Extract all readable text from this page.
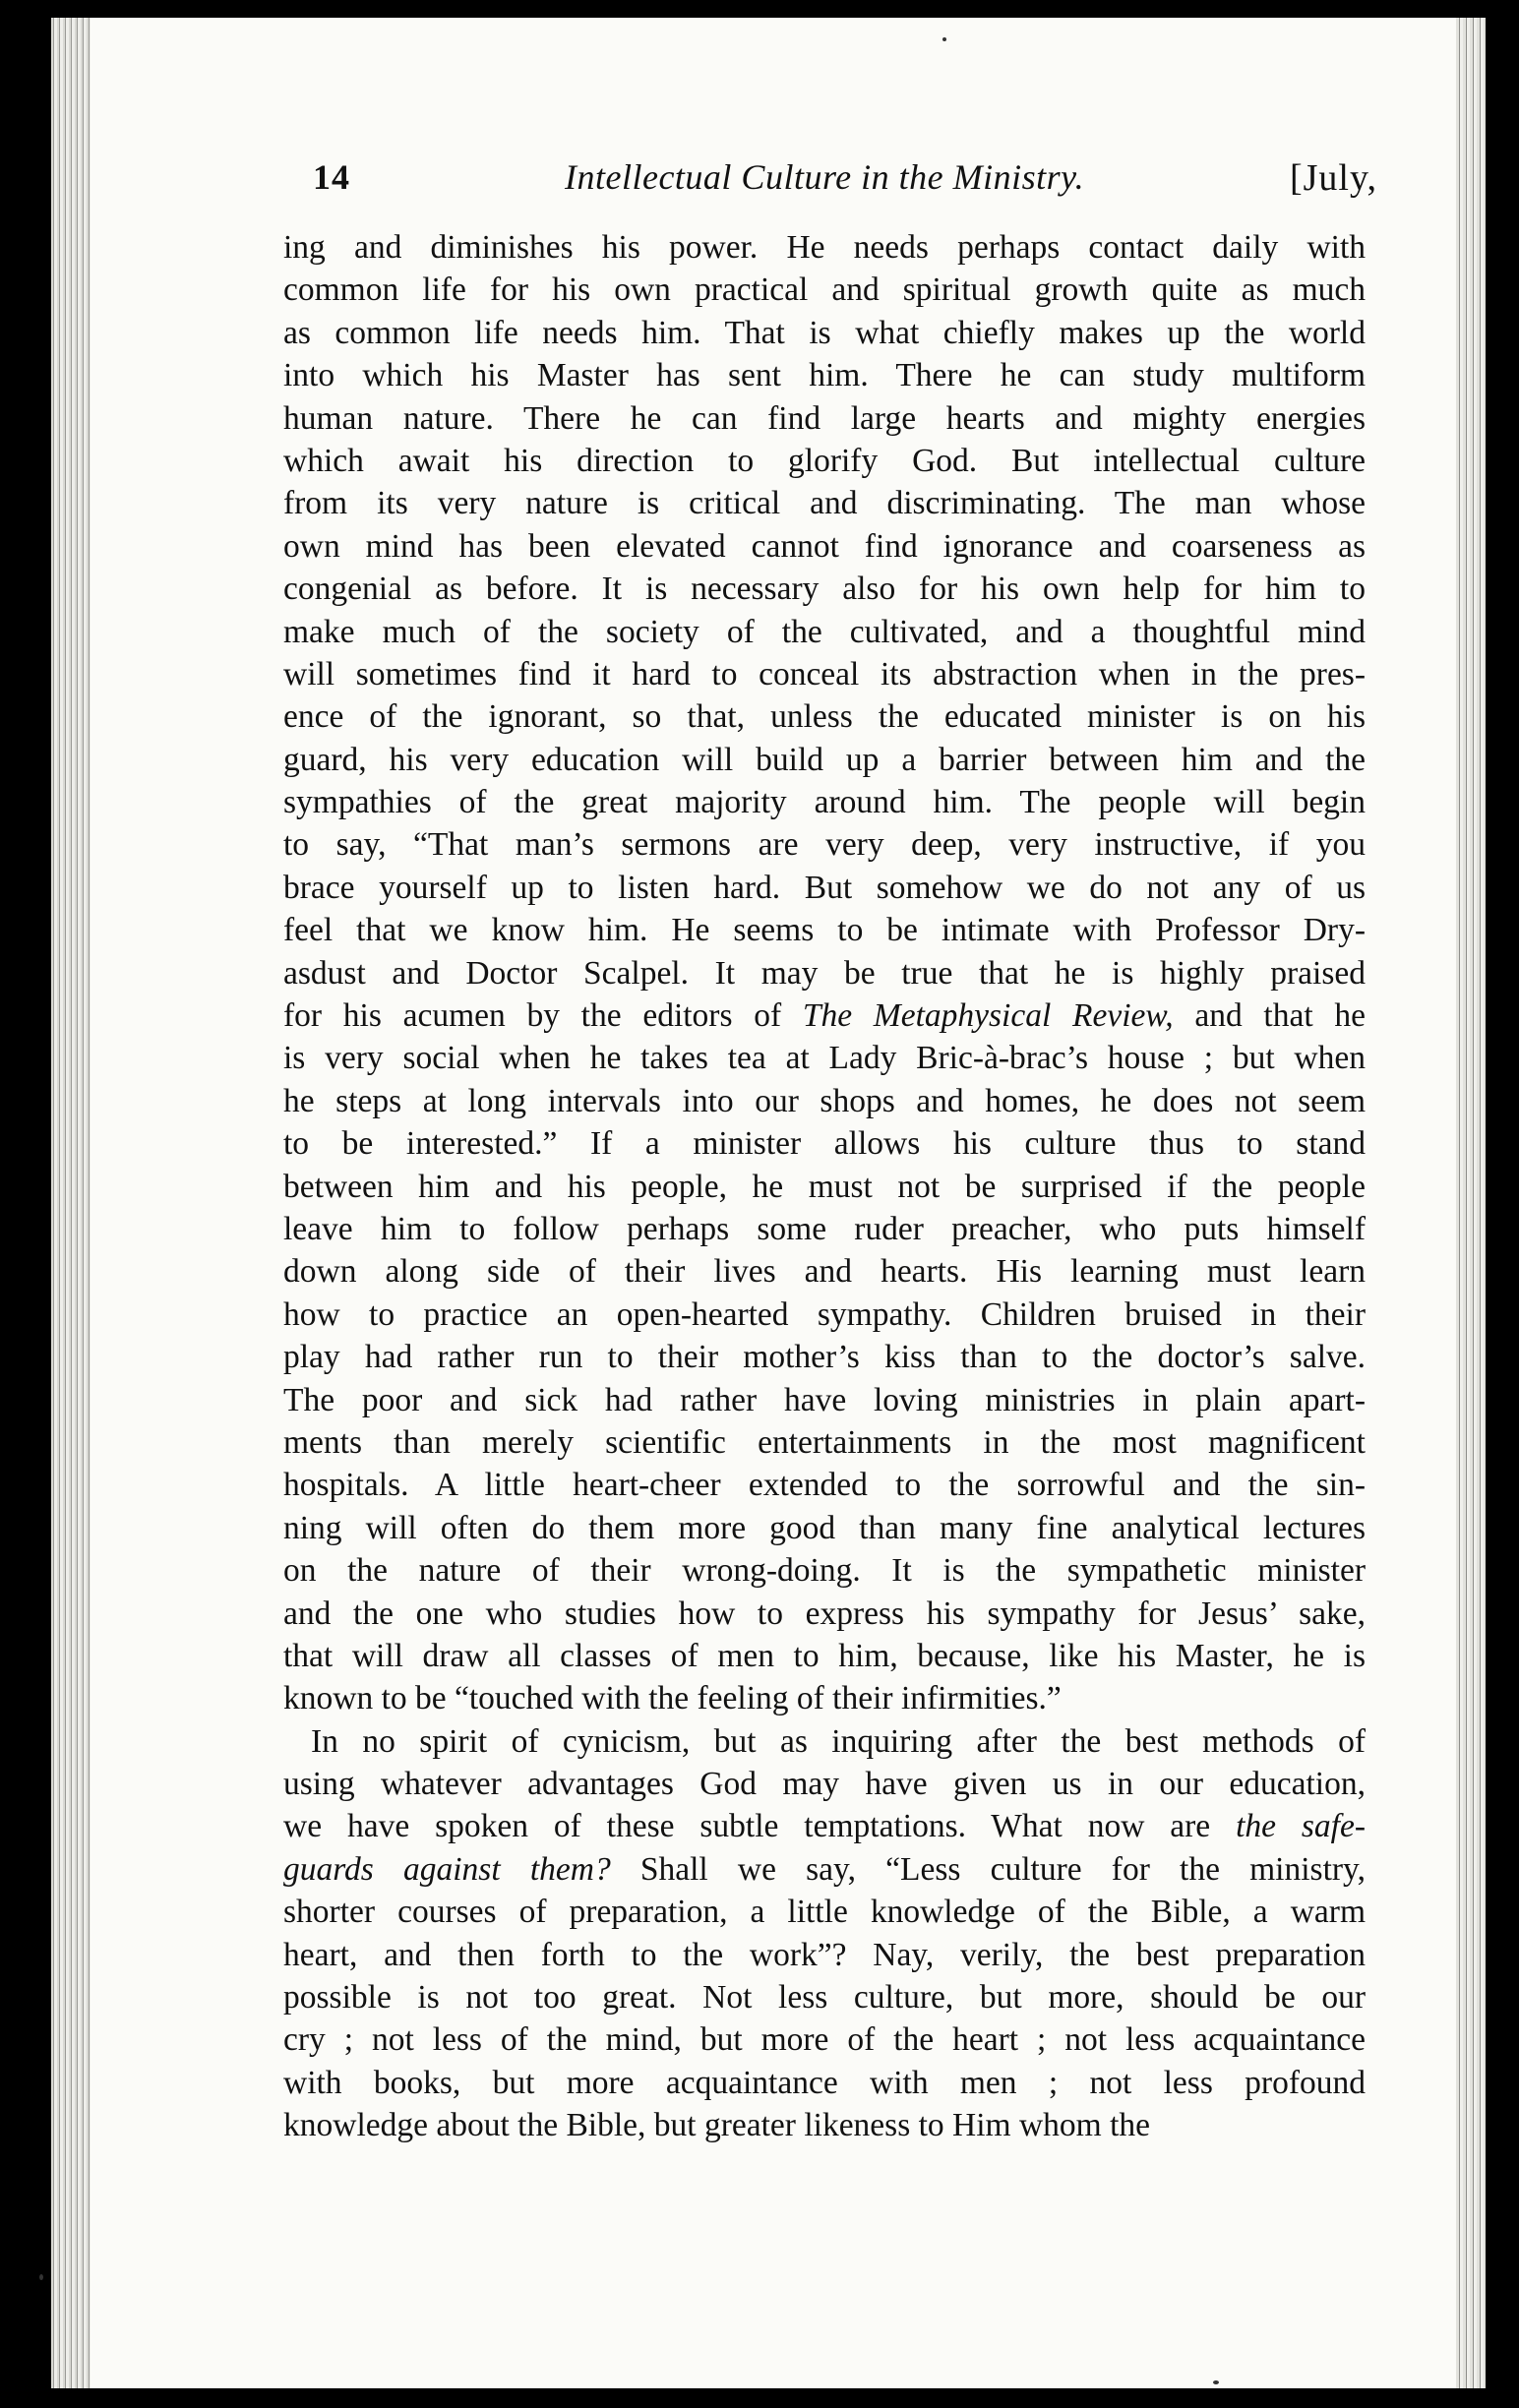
14	Intellectual Culture in the Ministry.	[July,
ing and diminishes his power. He needs perhaps contact daily with
common life for his own practical and spiritual growth quite as much
as common life needs him. That is what chiefly makes up the world
into which his Master has sent him. There he can study multiform
human nature. There he can find large hearts and mighty energies
which await his direction to glorify God. But intellectual culture
from its very nature is critical and discriminating. The man whose
own mind has been elevated cannot find ignorance and coarseness as
congenial as before. It is necessary also for his own help for him to
make much of the society of the cultivated, and a thoughtful mind
will sometimes find it hard to conceal its abstraction when in the pres-
ence of the ignorant, so that, unless the educated minister is on his
guard, his very education will build up a barrier between him and the
sympathies of the great majority around him. The people will begin
to say, “That man’s sermons are very deep, very instructive, if you
brace yourself up to listen hard. But somehow we do not any of us
feel that we know him. He seems to be intimate with Professor Dry-
asdust and Doctor Scalpel. It may be true that he is highly praised
for his acumen by the editors of The Metaphysical Review, and that he
is very social when he takes tea at Lady Bric-à-brac’s house ; but when
he steps at long intervals into our shops and homes, he does not seem
to be interested.” If a minister allows his culture thus to stand
between him and his people, he must not be surprised if the people
leave him to follow perhaps some ruder preacher, who puts himself
down along side of their lives and hearts. His learning must learn
how to practice an open-hearted sympathy. Children bruised in their
play had rather run to their mother’s kiss than to the doctor’s salve.
The poor and sick had rather have loving ministries in plain apart-
ments than merely scientific entertainments in the most magnificent
hospitals. A little heart-cheer extended to the sorrowful and the sin-
ning will often do them more good than many fine analytical lectures
on the nature of their wrong-doing. It is the sympathetic minister
and the one who studies how to express his sympathy for Jesus’ sake,
that will draw all classes of men to him, because, like his Master, he is
known to be “touched with the feeling of their infirmities.”
In no spirit of cynicism, but as inquiring after the best methods of
using whatever advantages God may have given us in our education,
we have spoken of these subtle temptations. What now are the safe-
guards against them? Shall we say, “Less culture for the ministry,
shorter courses of preparation, a little knowledge of the Bible, a warm
heart, and then forth to the work”? Nay, verily, the best preparation
possible is not too great. Not less culture, but more, should be our
cry ; not less of the mind, but more of the heart ; not less acquaintance
with books, but more acquaintance with men ; not less profound
knowledge about the Bible, but greater likeness to Him whom the
